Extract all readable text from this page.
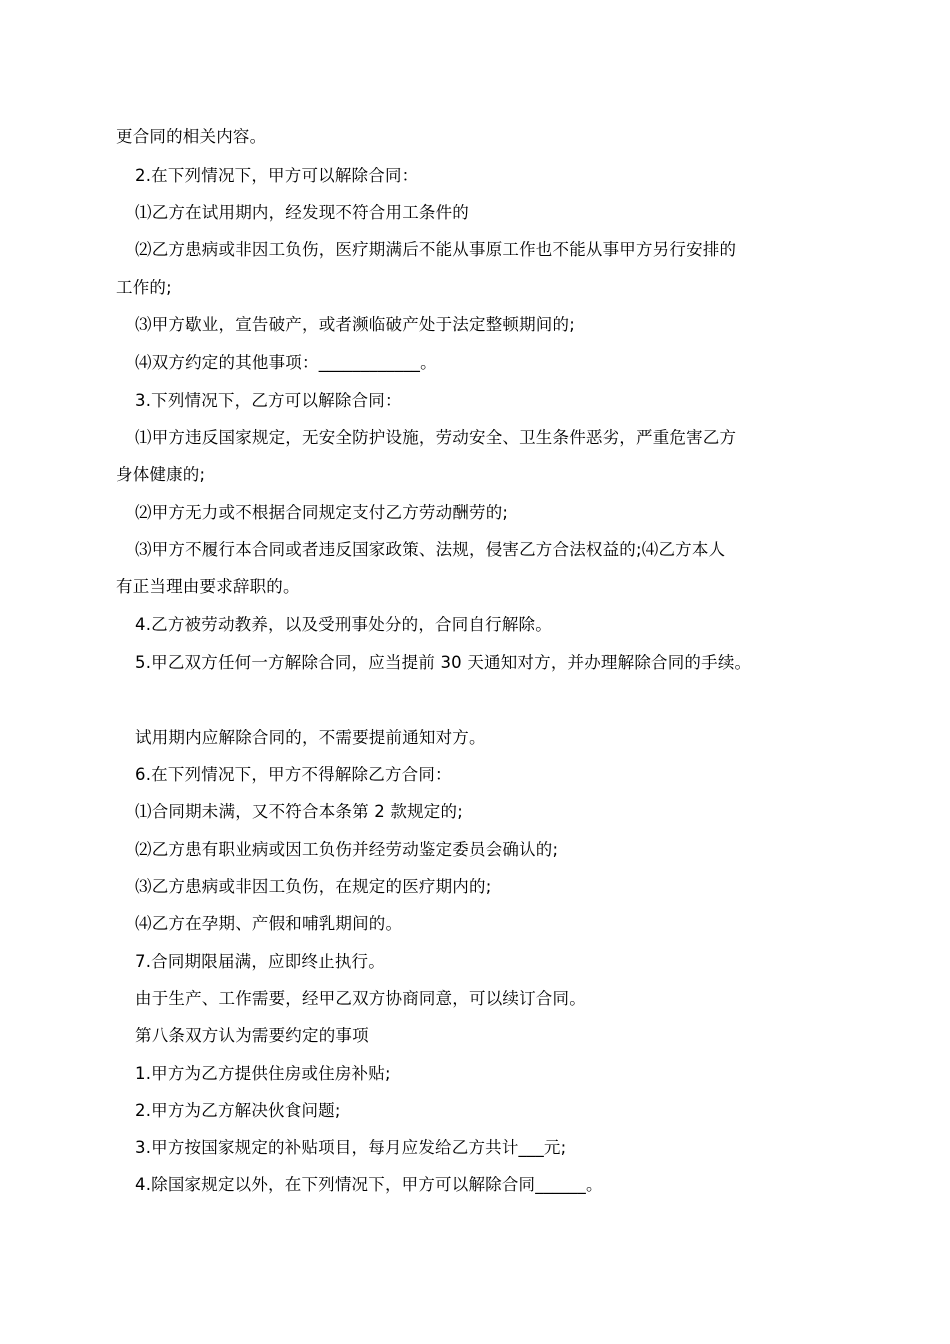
更合同的相关内容。
2.在下列情况下，甲方可以解除合同：
⑴乙方在试用期内，经发现不符合用工条件的
⑵乙方患病或非因工负伤，医疗期满后不能从事原工作也不能从事甲方另行安排的
工作的;
⑶甲方歇业，宣告破产，或者濒临破产处于法定整顿期间的;
⑷双方约定的其他事项：____________。
3.下列情况下，乙方可以解除合同：
⑴甲方违反国家规定，无安全防护设施，劳动安全、卫生条件恶劣，严重危害乙方
身体健康的;
⑵甲方无力或不根据合同规定支付乙方劳动酬劳的;
⑶甲方不履行本合同或者违反国家政策、法规，侵害乙方合法权益的;⑷乙方本人
有正当理由要求辞职的。
4.乙方被劳动教养，以及受刑事处分的，合同自行解除。
5.甲乙双方任何一方解除合同，应当提前 30 天通知对方，并办理解除合同的手续。
试用期内应解除合同的，不需要提前通知对方。
6.在下列情况下，甲方不得解除乙方合同：
⑴合同期未满，又不符合本条第 2 款规定的;
⑵乙方患有职业病或因工负伤并经劳动鉴定委员会确认的;
⑶乙方患病或非因工负伤，在规定的医疗期内的;
⑷乙方在孕期、产假和哺乳期间的。
7.合同期限届满，应即终止执行。
由于生产、工作需要，经甲乙双方协商同意，可以续订合同。
第八条双方认为需要约定的事项
1.甲方为乙方提供住房或住房补贴;
2.甲方为乙方解决伙食问题;
3.甲方按国家规定的补贴项目，每月应发给乙方共计___元;
4.除国家规定以外，在下列情况下，甲方可以解除合同______。
